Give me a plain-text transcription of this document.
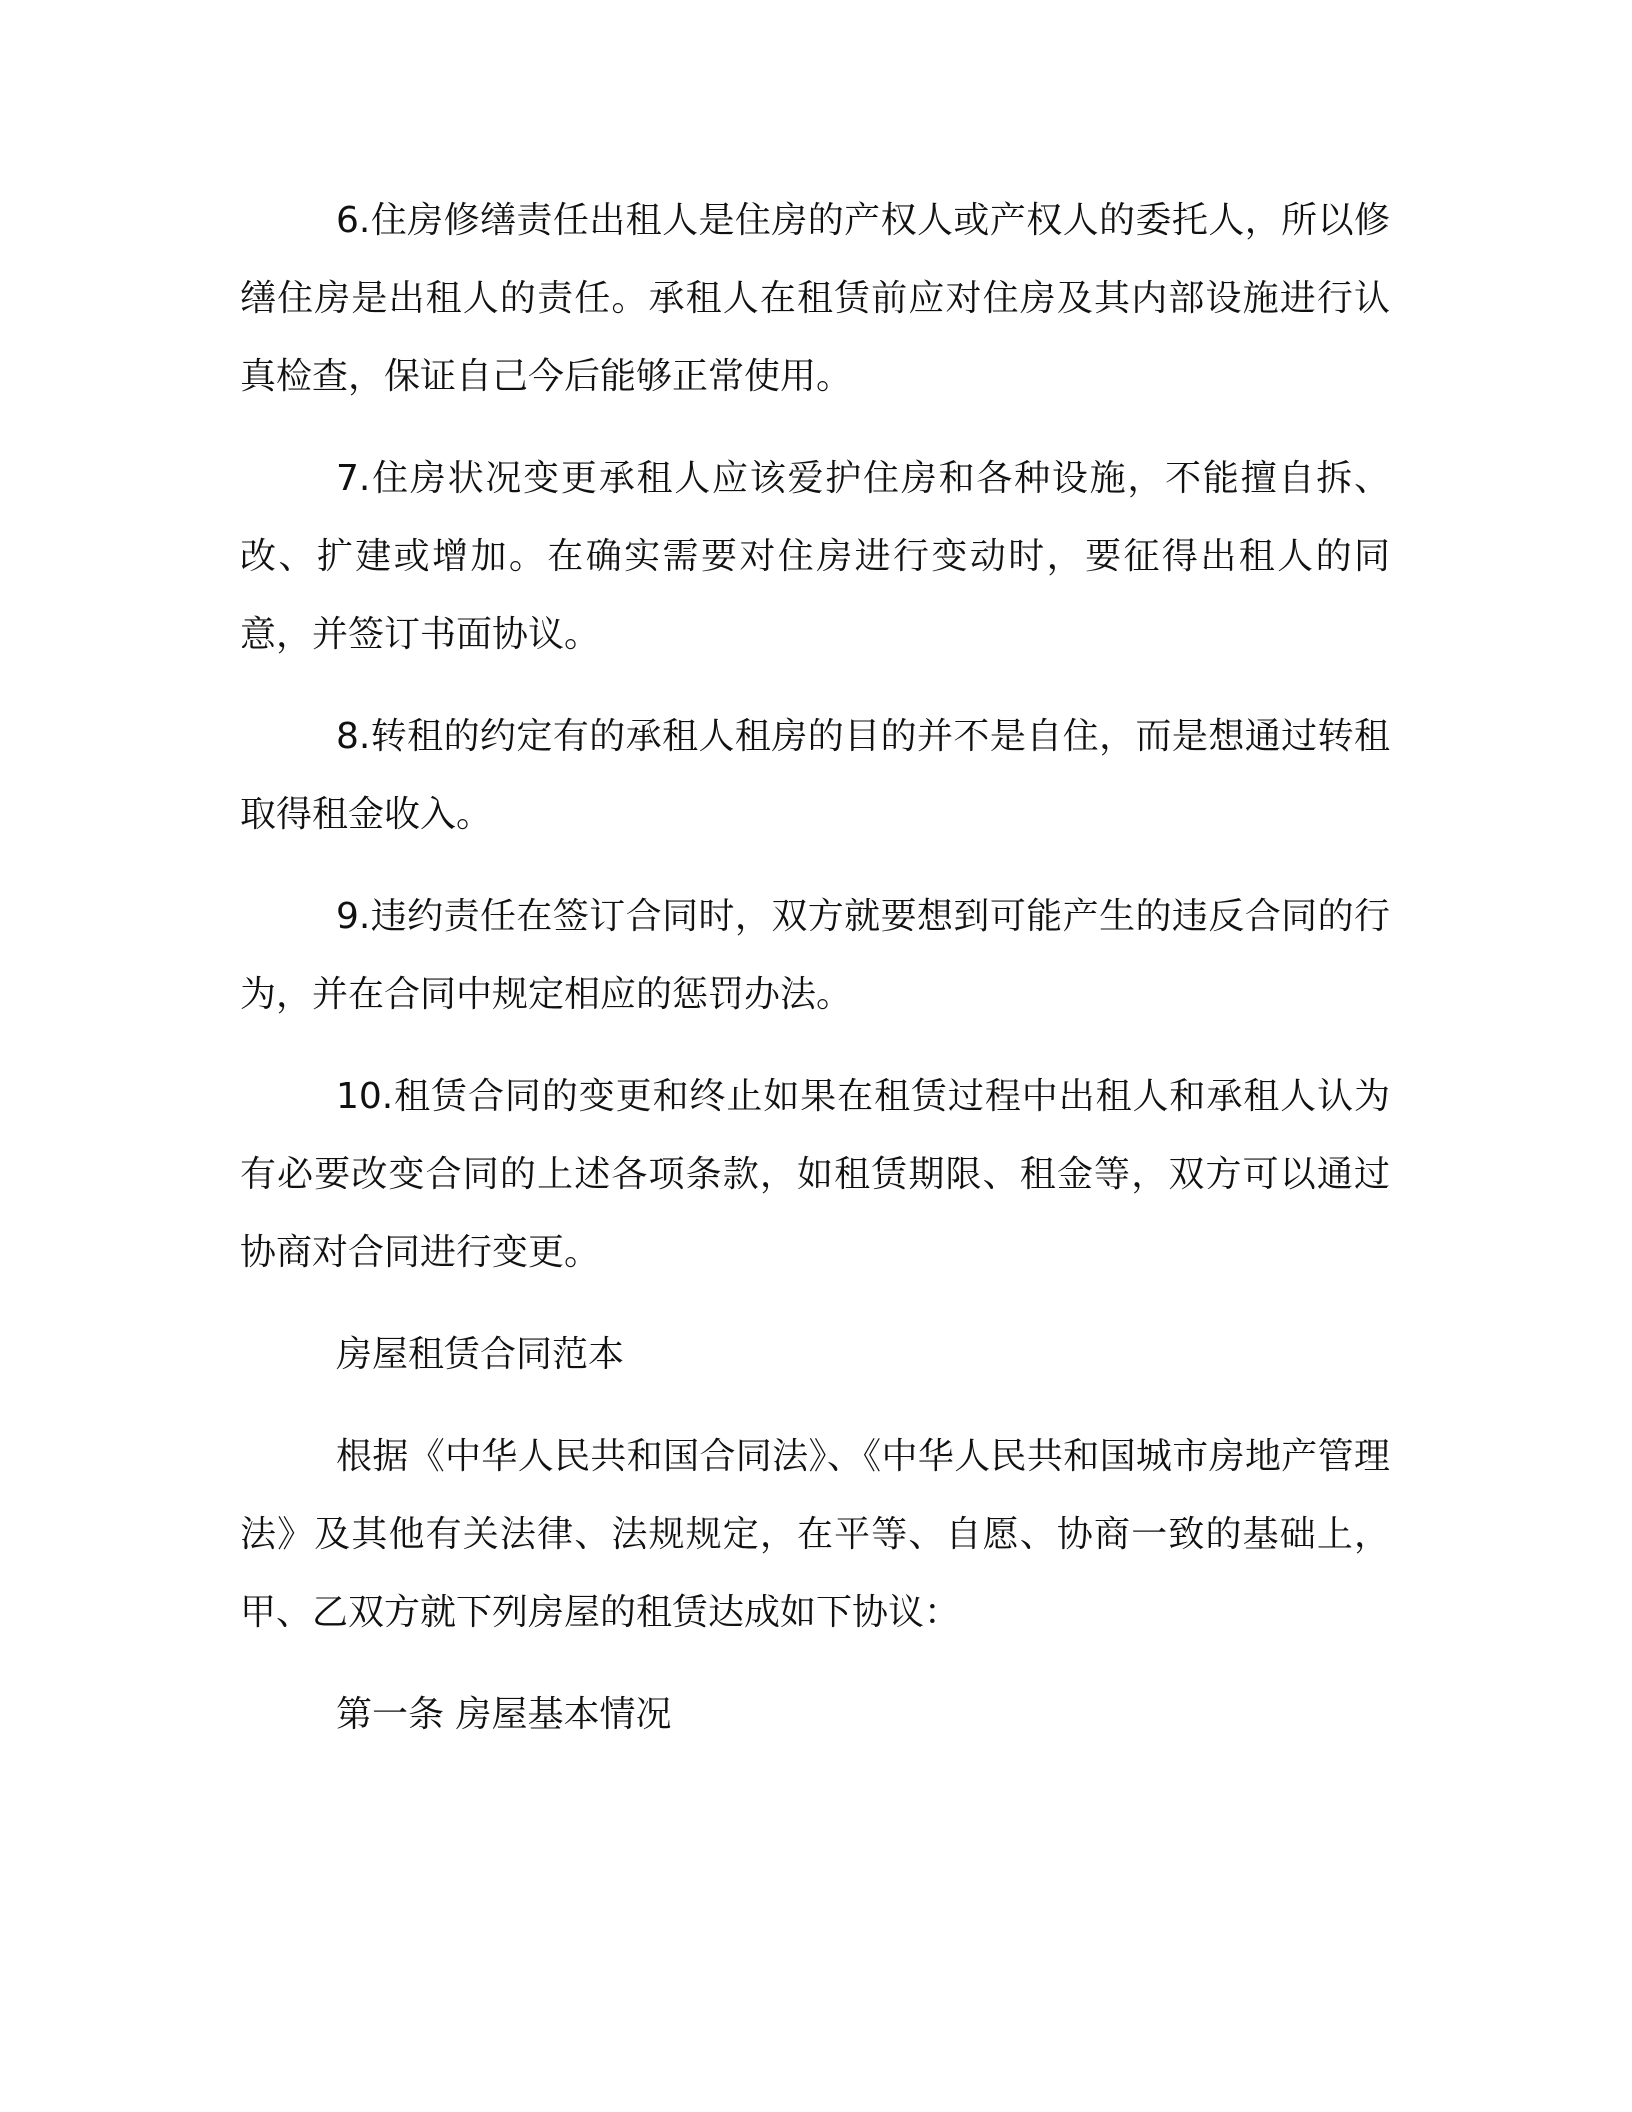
6.住房修缮责任出租人是住房的产权人或产权人的委托人，所以修缮住房是出租人的责任。承租人在租赁前应对住房及其内部设施进行认真检查，保证自己今后能够正常使用。

7.住房状况变更承租人应该爱护住房和各种设施，不能擅自拆、改、扩建或增加。在确实需要对住房进行变动时，要征得出租人的同意，并签订书面协议。

8.转租的约定有的承租人租房的目的并不是自住，而是想通过转租取得租金收入。

9.违约责任在签订合同时，双方就要想到可能产生的违反合同的行为，并在合同中规定相应的惩罚办法。

10.租赁合同的变更和终止如果在租赁过程中出租人和承租人认为有必要改变合同的上述各项条款，如租赁期限、租金等，双方可以通过协商对合同进行变更。

房屋租赁合同范本

根据《中华人民共和国合同法》、《中华人民共和国城市房地产管理法》及其他有关法律、法规规定，在平等、自愿、协商一致的基础上，甲、乙双方就下列房屋的租赁达成如下协议：

第一条 房屋基本情况
